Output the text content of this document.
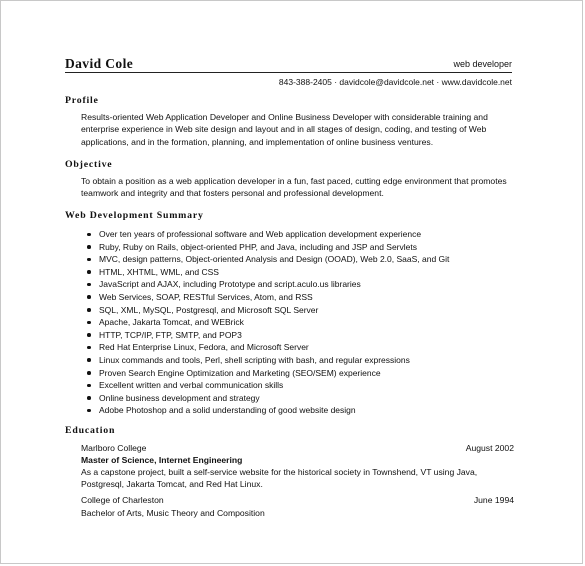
David Cole	web developer
843-388-2405 · davidcole@davidcole.net · www.davidcole.net
Profile
Results-oriented Web Application Developer and Online Business Developer with considerable training and enterprise experience in Web site design and layout and in all stages of design, coding, and testing of Web applications, and in the formation, planning, and implementation of online business ventures.
Objective
To obtain a position as a web application developer in a fun, fast paced, cutting edge environment that promotes teamwork and integrity and that fosters personal and professional development.
Web Development Summary
Over ten years of professional software and Web application development experience
Ruby, Ruby on Rails, object-oriented PHP, and Java, including and JSP and Servlets
MVC, design patterns, Object-oriented Analysis and Design (OOAD), Web 2.0, SaaS, and Git
HTML, XHTML, WML, and CSS
JavaScript and AJAX, including Prototype and script.aculo.us libraries
Web Services, SOAP, RESTful Services, Atom, and RSS
SQL, XML, MySQL, Postgresql, and Microsoft SQL Server
Apache, Jakarta Tomcat, and WEBrick
HTTP, TCP/IP, FTP, SMTP, and POP3
Red Hat Enterprise Linux, Fedora, and Microsoft Server
Linux commands and tools, Perl, shell scripting with bash, and regular expressions
Proven Search Engine Optimization and Marketing (SEO/SEM) experience
Excellent written and verbal communication skills
Online business development and strategy
Adobe Photoshop and a solid understanding of good website design
Education
Marlboro College	August 2002
Master of Science, Internet Engineering
As a capstone project, built a self-service website for the historical society in Townshend, VT using Java, Postgresql, Jakarta Tomcat, and Red Hat Linux.
College of Charleston	June 1994
Bachelor of Arts, Music Theory and Composition
